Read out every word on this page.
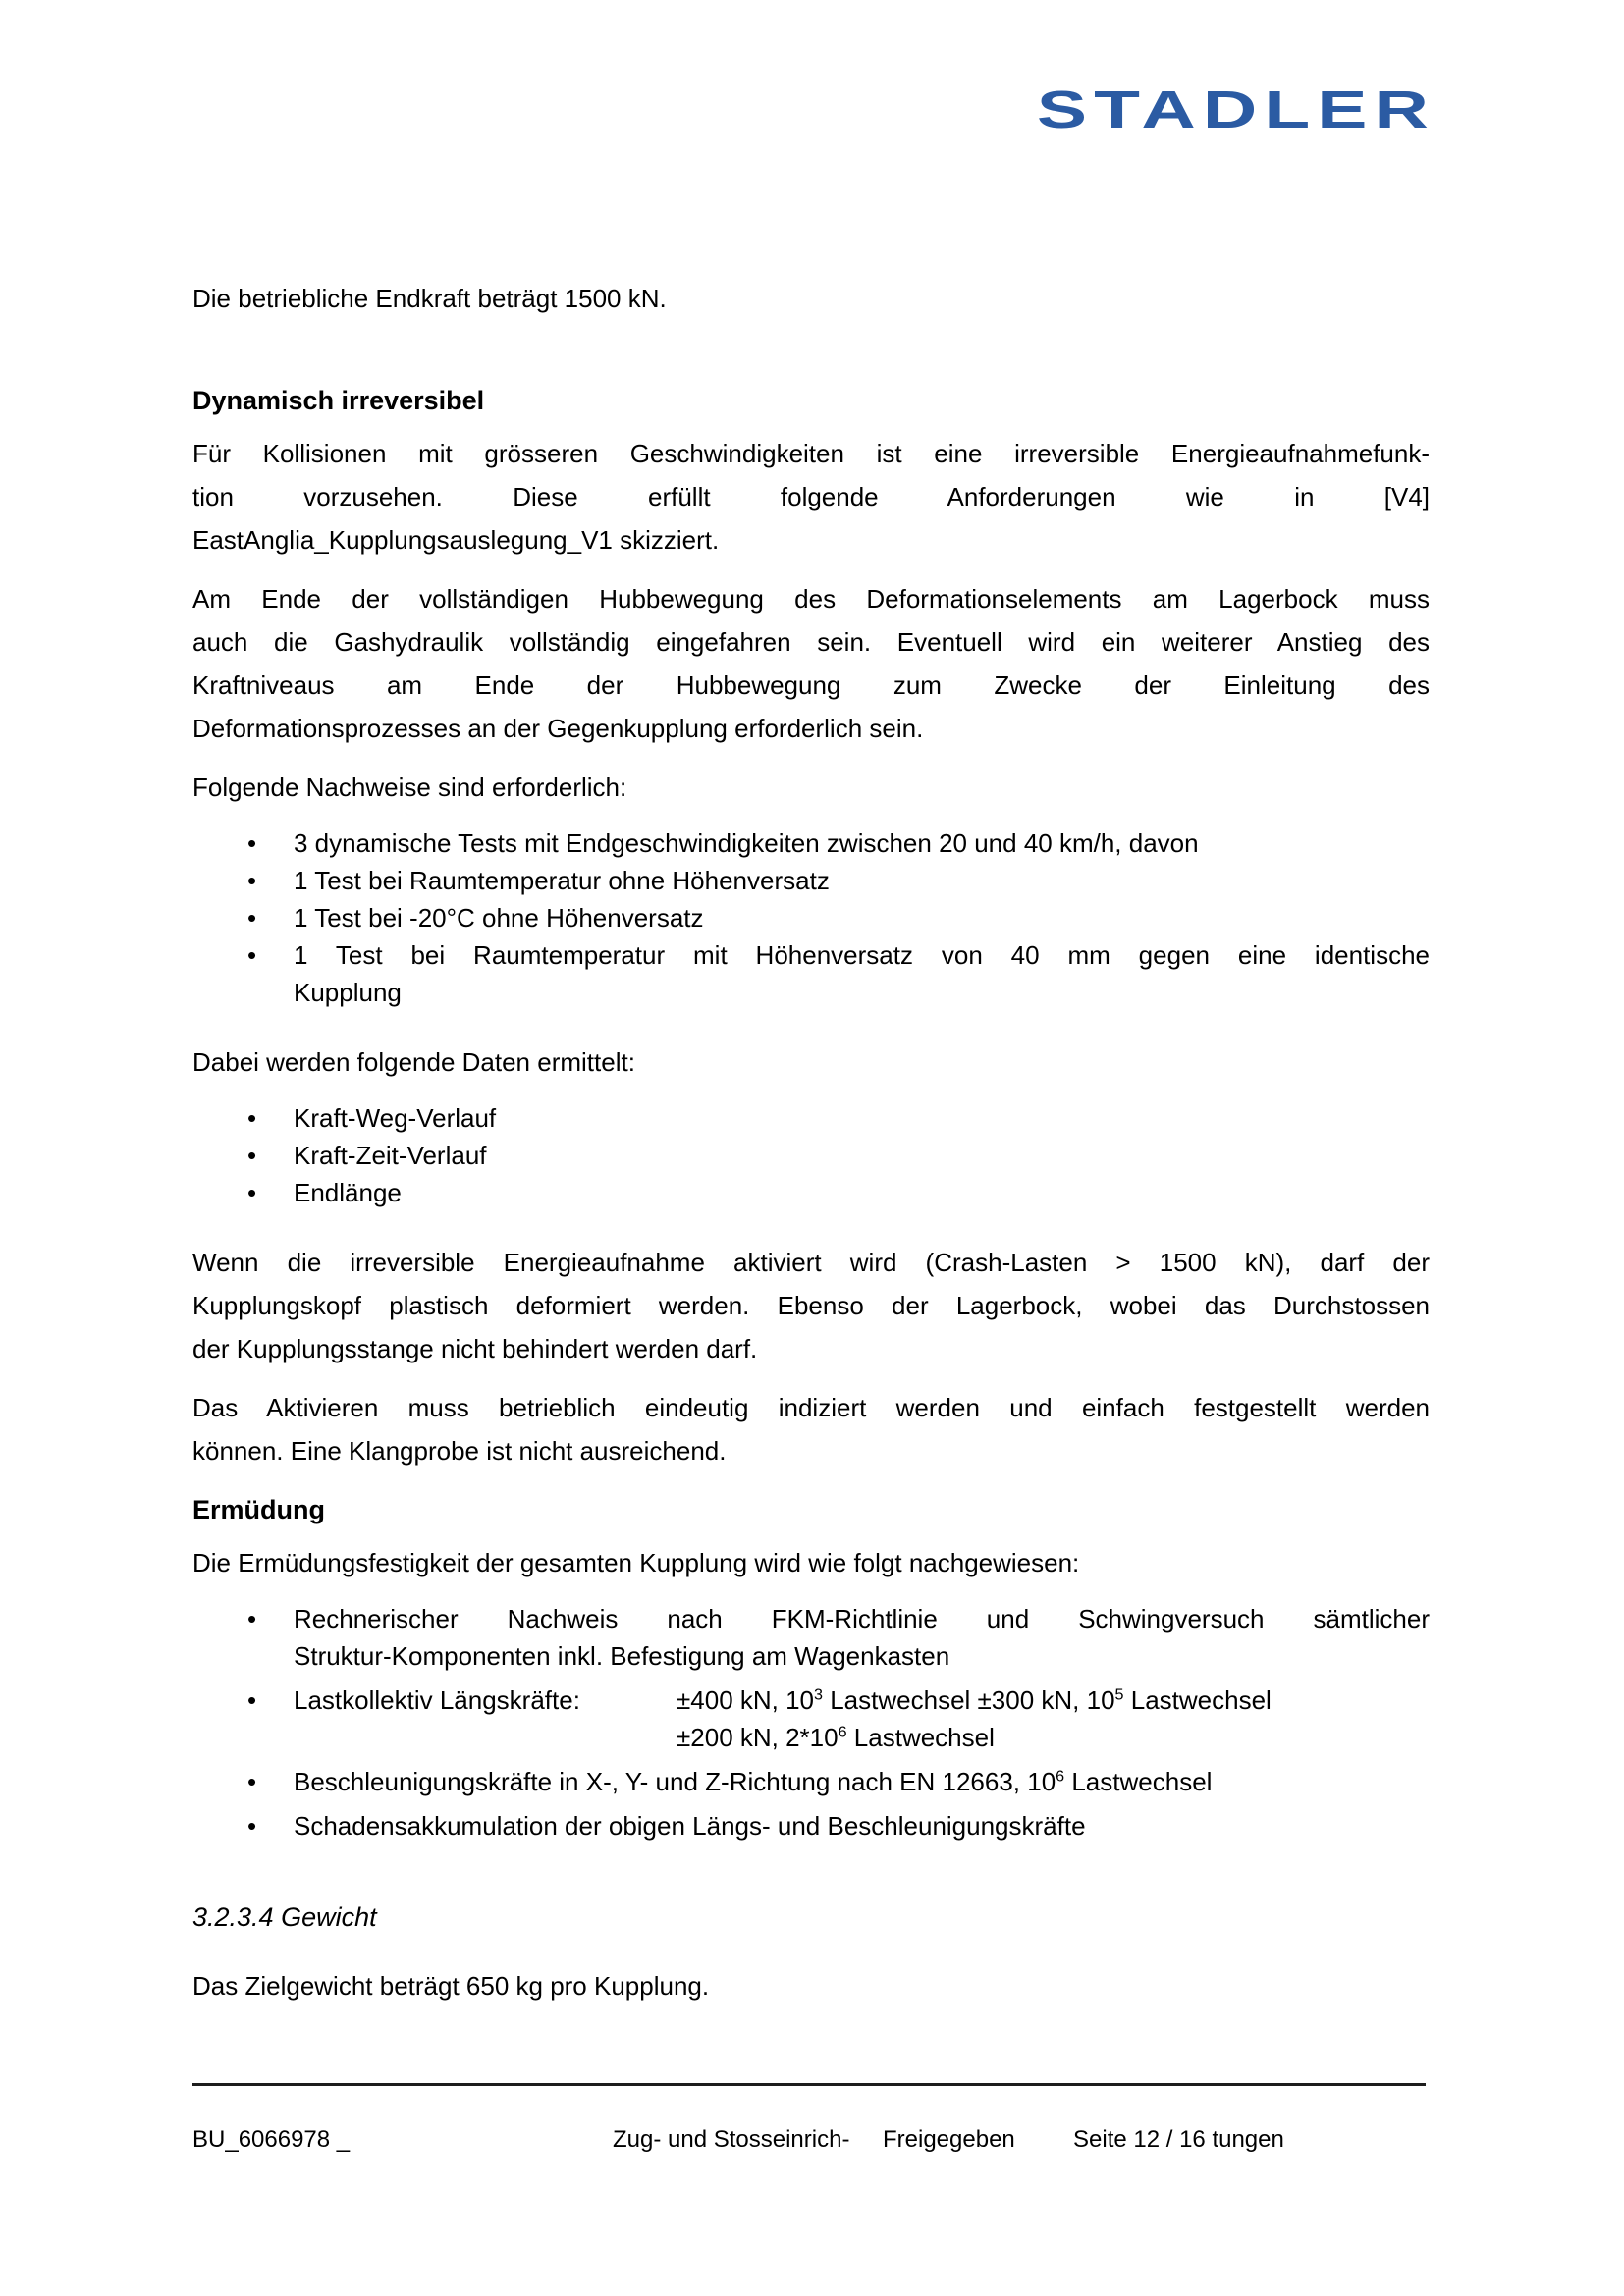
STADLER
Die betriebliche Endkraft beträgt 1500 kN.
Dynamisch irreversibel
Für Kollisionen mit grösseren Geschwindigkeiten ist eine irreversible Energieaufnahmefunk-
tion vorzusehen. Diese erfüllt folgende Anforderungen wie in [V4]
EastAnglia_Kupplungsauslegung_V1 skizziert.
Am Ende der vollständigen Hubbewegung des Deformationselements am Lagerbock muss
auch die Gashydraulik vollständig eingefahren sein. Eventuell wird ein weiterer Anstieg des
Kraftniveaus am Ende der Hubbewegung zum Zwecke der Einleitung des
Deformationsprozesses an der Gegenkupplung erforderlich sein.
Folgende Nachweise sind erforderlich:
• 3 dynamische Tests mit Endgeschwindigkeiten zwischen 20 und 40 km/h, davon
• 1 Test bei Raumtemperatur ohne Höhenversatz
• 1 Test bei -20°C ohne Höhenversatz
• 1 Test bei Raumtemperatur mit Höhenversatz von 40 mm gegen eine identische
Kupplung
Dabei werden folgende Daten ermittelt:
• Kraft-Weg-Verlauf
• Kraft-Zeit-Verlauf
• Endlänge
Wenn die irreversible Energieaufnahme aktiviert wird (Crash-Lasten > 1500 kN), darf der
Kupplungskopf plastisch deformiert werden. Ebenso der Lagerbock, wobei das Durchstossen
der Kupplungsstange nicht behindert werden darf.
Das Aktivieren muss betrieblich eindeutig indiziert werden und einfach festgestellt werden
können. Eine Klangprobe ist nicht ausreichend.
Ermüdung
Die Ermüdungsfestigkeit der gesamten Kupplung wird wie folgt nachgewiesen:
• Rechnerischer Nachweis nach FKM-Richtlinie und Schwingversuch sämtlicher
Struktur-Komponenten inkl. Befestigung am Wagenkasten
• Lastkollektiv Längskräfte:	±400 kN, $10^3$ Lastwechsel ±300 kN, $10^5$ Lastwechsel
±200 kN, $2*10^6$ Lastwechsel
• Beschleunigungskräfte in X-, Y- und Z-Richtung nach EN 12663, $10^6$ Lastwechsel
• Schadensakkumulation der obigen Längs- und Beschleunigungskräfte
3.2.3.4 Gewicht
Das Zielgewicht beträgt 650 kg pro Kupplung.
BU_6066978 _	Zug- und Stosseinrich- Freigegeben Seite 12 / 16 tungen
